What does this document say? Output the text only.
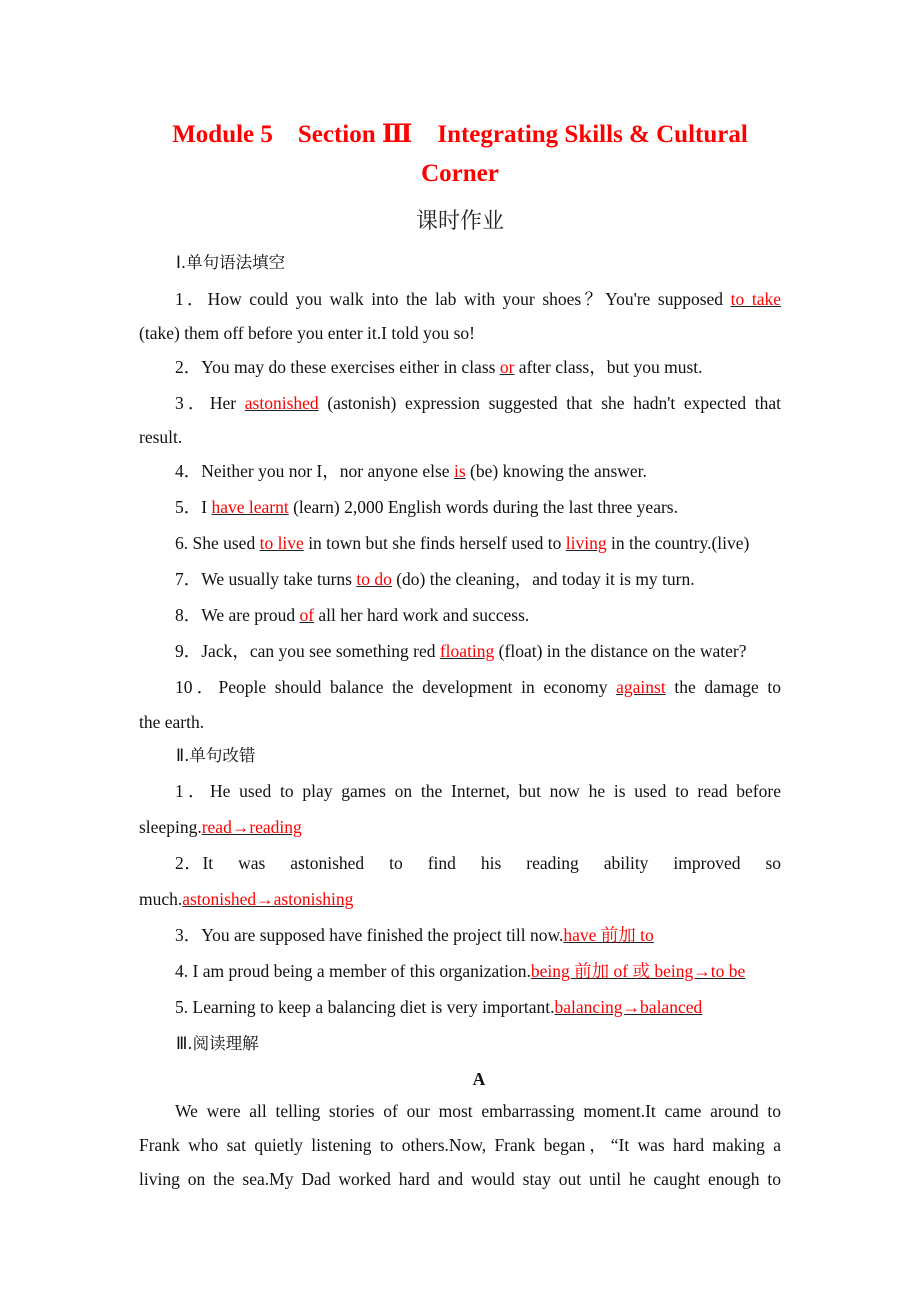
Module 5　Section Ⅲ　Integrating Skills & Cultural
Corner
课时作业
Ⅰ.单句语法填空
1．How could you walk into the lab with your shoes？You're supposed to take
(take) them off before you enter it.I told you so!
2．You may do these exercises either in class or after class，but you must.
3．Her astonished (astonish) expression suggested that she hadn't expected that
result.
4．Neither you nor I，nor anyone else is (be) knowing the answer.
5．I have learnt (learn) 2,000 English words during the last three years.
6. She used to live in town but she finds herself used to living in the country.(live)
7．We usually take turns to do (do) the cleaning，and today it is my turn.
8．We are proud of all her hard work and success.
9．Jack，can you see something red floating (float) in the distance on the water?
10．People should balance the development in economy against the damage to
the earth.
Ⅱ.单句改错
1．He used to play games on the Internet, but now he is used to read before
sleeping.read→reading
2．It was astonished to find his reading ability improved so
much.astonished→astonishing
3．You are supposed have finished the project till now.have 前加 to
4. I am proud being a member of this organization.being 前加 of 或 being→to be
5. Learning to keep a balancing diet is very important.balancing→balanced
Ⅲ.阅读理解
A
We were all telling stories of our most embarrassing moment.It came around to
Frank who sat quietly listening to others.Now, Frank began，“It was hard making a
living on the sea.My Dad worked hard and would stay out until he caught enough to
